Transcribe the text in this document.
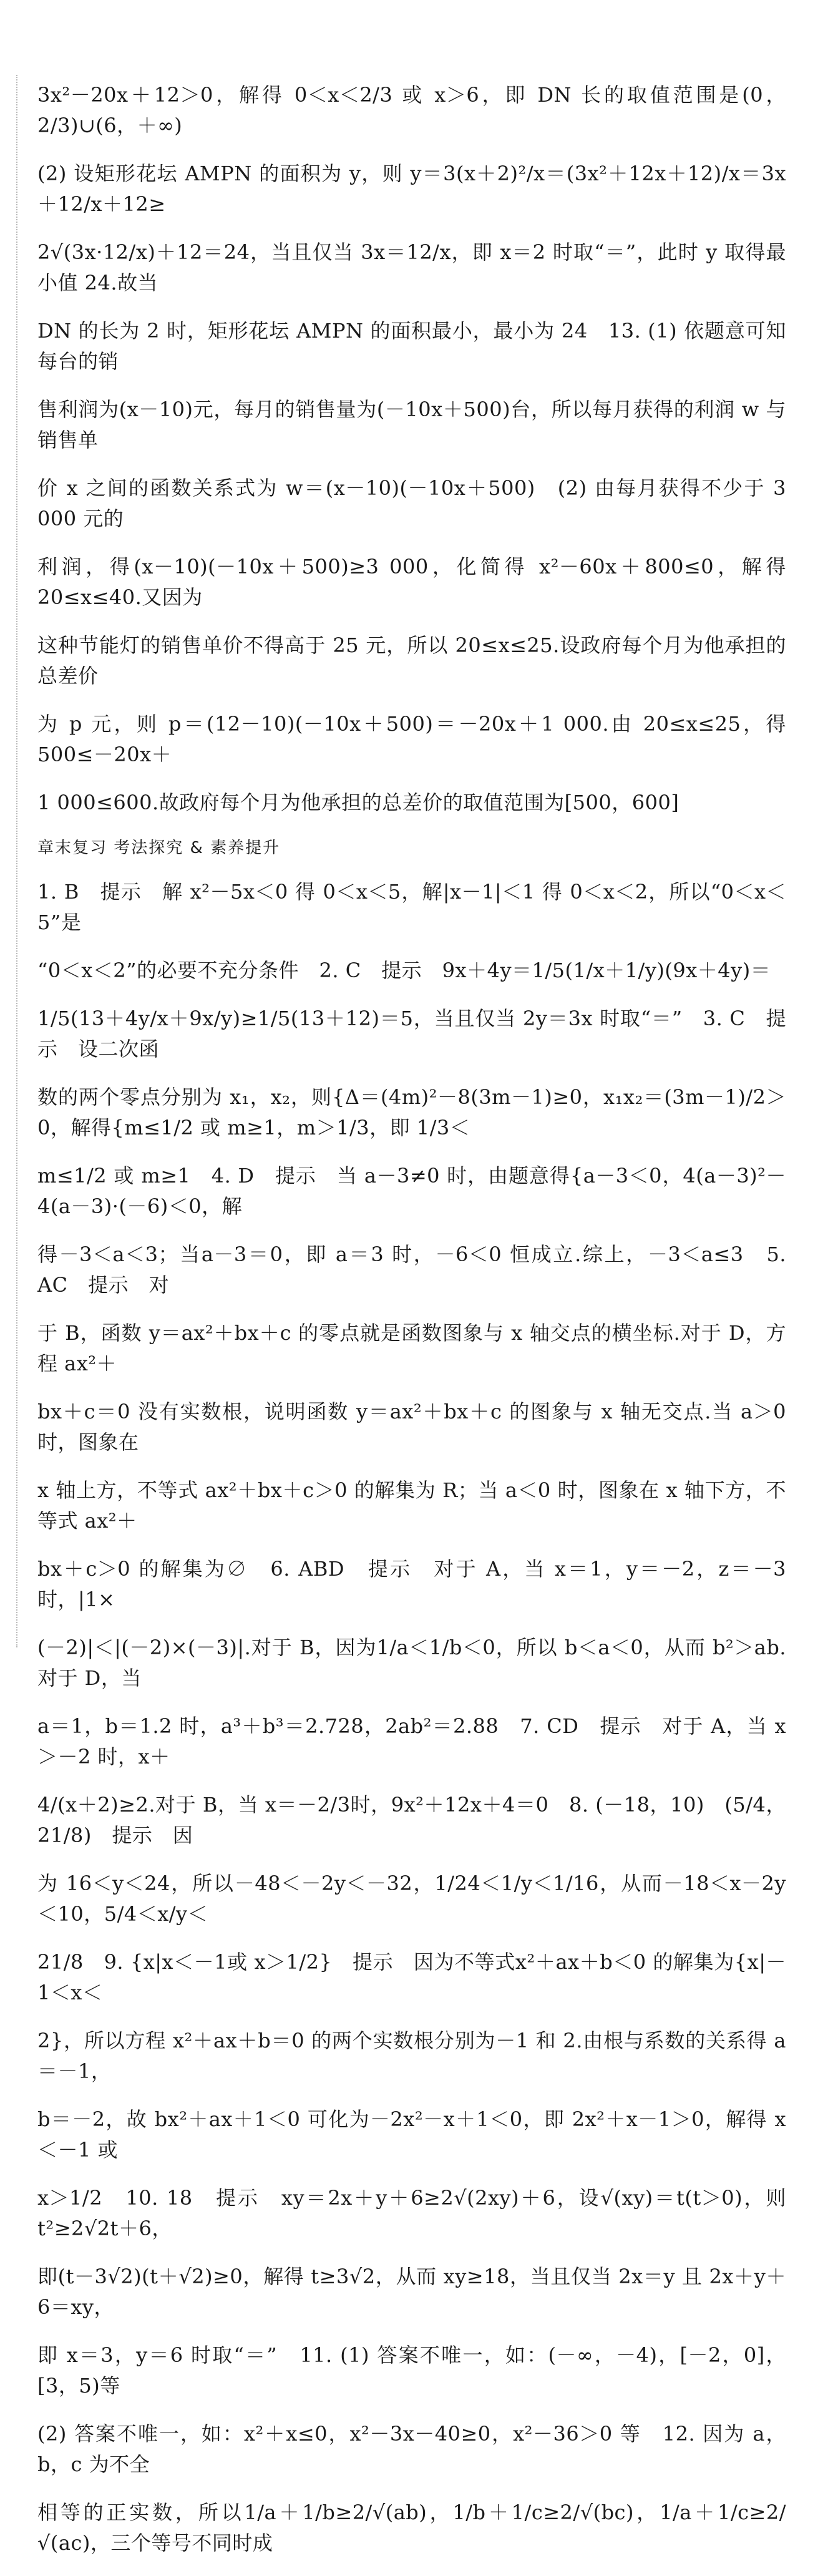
3x²－20x＋12＞0，解得 0＜x＜2/3 或 x＞6，即 DN 长的取值范围是(0，2/3)∪(6，＋∞)
(2) 设矩形花坛 AMPN 的面积为 y，则 y＝3(x＋2)²/x＝(3x²＋12x＋12)/x＝3x＋12/x＋12≥
2√(3x·12/x)＋12＝24，当且仅当 3x＝12/x，即 x＝2 时取“＝”，此时 y 取得最小值 24.故当
DN 的长为 2 时，矩形花坛 AMPN 的面积最小，最小为 24　13. (1) 依题意可知每台的销
售利润为(x－10)元，每月的销售量为(－10x＋500)台，所以每月获得的利润 w 与销售单
价 x 之间的函数关系式为 w＝(x－10)(－10x＋500)　(2) 由每月获得不少于 3 000 元的
利润，得(x－10)(－10x＋500)≥3 000，化简得 x²－60x＋800≤0，解得20≤x≤40.又因为
这种节能灯的销售单价不得高于 25 元，所以 20≤x≤25.设政府每个月为他承担的总差价
为 p 元，则 p＝(12－10)(－10x＋500)＝－20x＋1 000.由 20≤x≤25，得 500≤－20x＋
1 000≤600.故政府每个月为他承担的总差价的取值范围为[500，600]
章末复习 考法探究 & 素养提升
1. B　提示　解 x²－5x＜0 得 0＜x＜5，解|x－1|＜1 得 0＜x＜2，所以“0＜x＜5”是
“0＜x＜2”的必要不充分条件　2. C　提示　9x＋4y＝1/5(1/x＋1/y)(9x＋4y)＝
1/5(13＋4y/x＋9x/y)≥1/5(13＋12)＝5，当且仅当 2y＝3x 时取“＝”　3. C　提示　设二次函
数的两个零点分别为 x₁，x₂，则{Δ＝(4m)²－8(3m－1)≥0，x₁x₂＝(3m－1)/2＞0，解得{m≤1/2 或 m≥1，m＞1/3，即 1/3＜
m≤1/2 或 m≥1　4. D　提示　当 a－3≠0 时，由题意得{a－3＜0，4(a－3)²－4(a－3)·(－6)＜0，解
得－3＜a＜3；当a－3＝0，即 a＝3 时，－6＜0 恒成立.综上，－3＜a≤3　5. AC　提示　对
于 B，函数 y＝ax²＋bx＋c 的零点就是函数图象与 x 轴交点的横坐标.对于 D，方程 ax²＋
bx＋c＝0 没有实数根，说明函数 y＝ax²＋bx＋c 的图象与 x 轴无交点.当 a＞0 时，图象在
x 轴上方，不等式 ax²＋bx＋c＞0 的解集为 R；当 a＜0 时，图象在 x 轴下方，不等式 ax²＋
bx＋c＞0 的解集为∅　6. ABD　提示　对于 A，当 x＝1，y＝－2，z＝－3 时，|1×
(－2)|＜|(－2)×(－3)|.对于 B，因为1/a＜1/b＜0，所以 b＜a＜0，从而 b²＞ab.对于 D，当
a＝1，b＝1.2 时，a³＋b³＝2.728，2ab²＝2.88　7. CD　提示　对于 A，当 x＞－2 时，x＋
4/(x＋2)≥2.对于 B，当 x＝－2/3时，9x²＋12x＋4＝0　8. (－18，10)　(5/4，21/8)　提示　因
为 16＜y＜24，所以－48＜－2y＜－32，1/24＜1/y＜1/16，从而－18＜x－2y＜10，5/4＜x/y＜
21/8　9. {x|x＜－1或 x＞1/2}　提示　因为不等式x²＋ax＋b＜0 的解集为{x|－1＜x＜
2}，所以方程 x²＋ax＋b＝0 的两个实数根分别为－1 和 2.由根与系数的关系得 a＝－1，
b＝－2，故 bx²＋ax＋1＜0 可化为－2x²－x＋1＜0，即 2x²＋x－1＞0，解得 x＜－1 或
x＞1/2　10. 18　提示　xy＝2x＋y＋6≥2√(2xy)＋6，设√(xy)＝t(t＞0)，则 t²≥2√2t＋6，
即(t－3√2)(t＋√2)≥0，解得 t≥3√2，从而 xy≥18，当且仅当 2x＝y 且 2x＋y＋6＝xy，
即 x＝3，y＝6 时取“＝”　11. (1) 答案不唯一，如：(－∞，－4)，[－2，0]，[3，5)等
(2) 答案不唯一，如：x²＋x≤0，x²－3x－40≥0，x²－36＞0 等　12. 因为 a，b，c 为不全
相等的正实数，所以1/a＋1/b≥2/√(ab)，1/b＋1/c≥2/√(bc)，1/a＋1/c≥2/√(ac)，三个等号不同时成
